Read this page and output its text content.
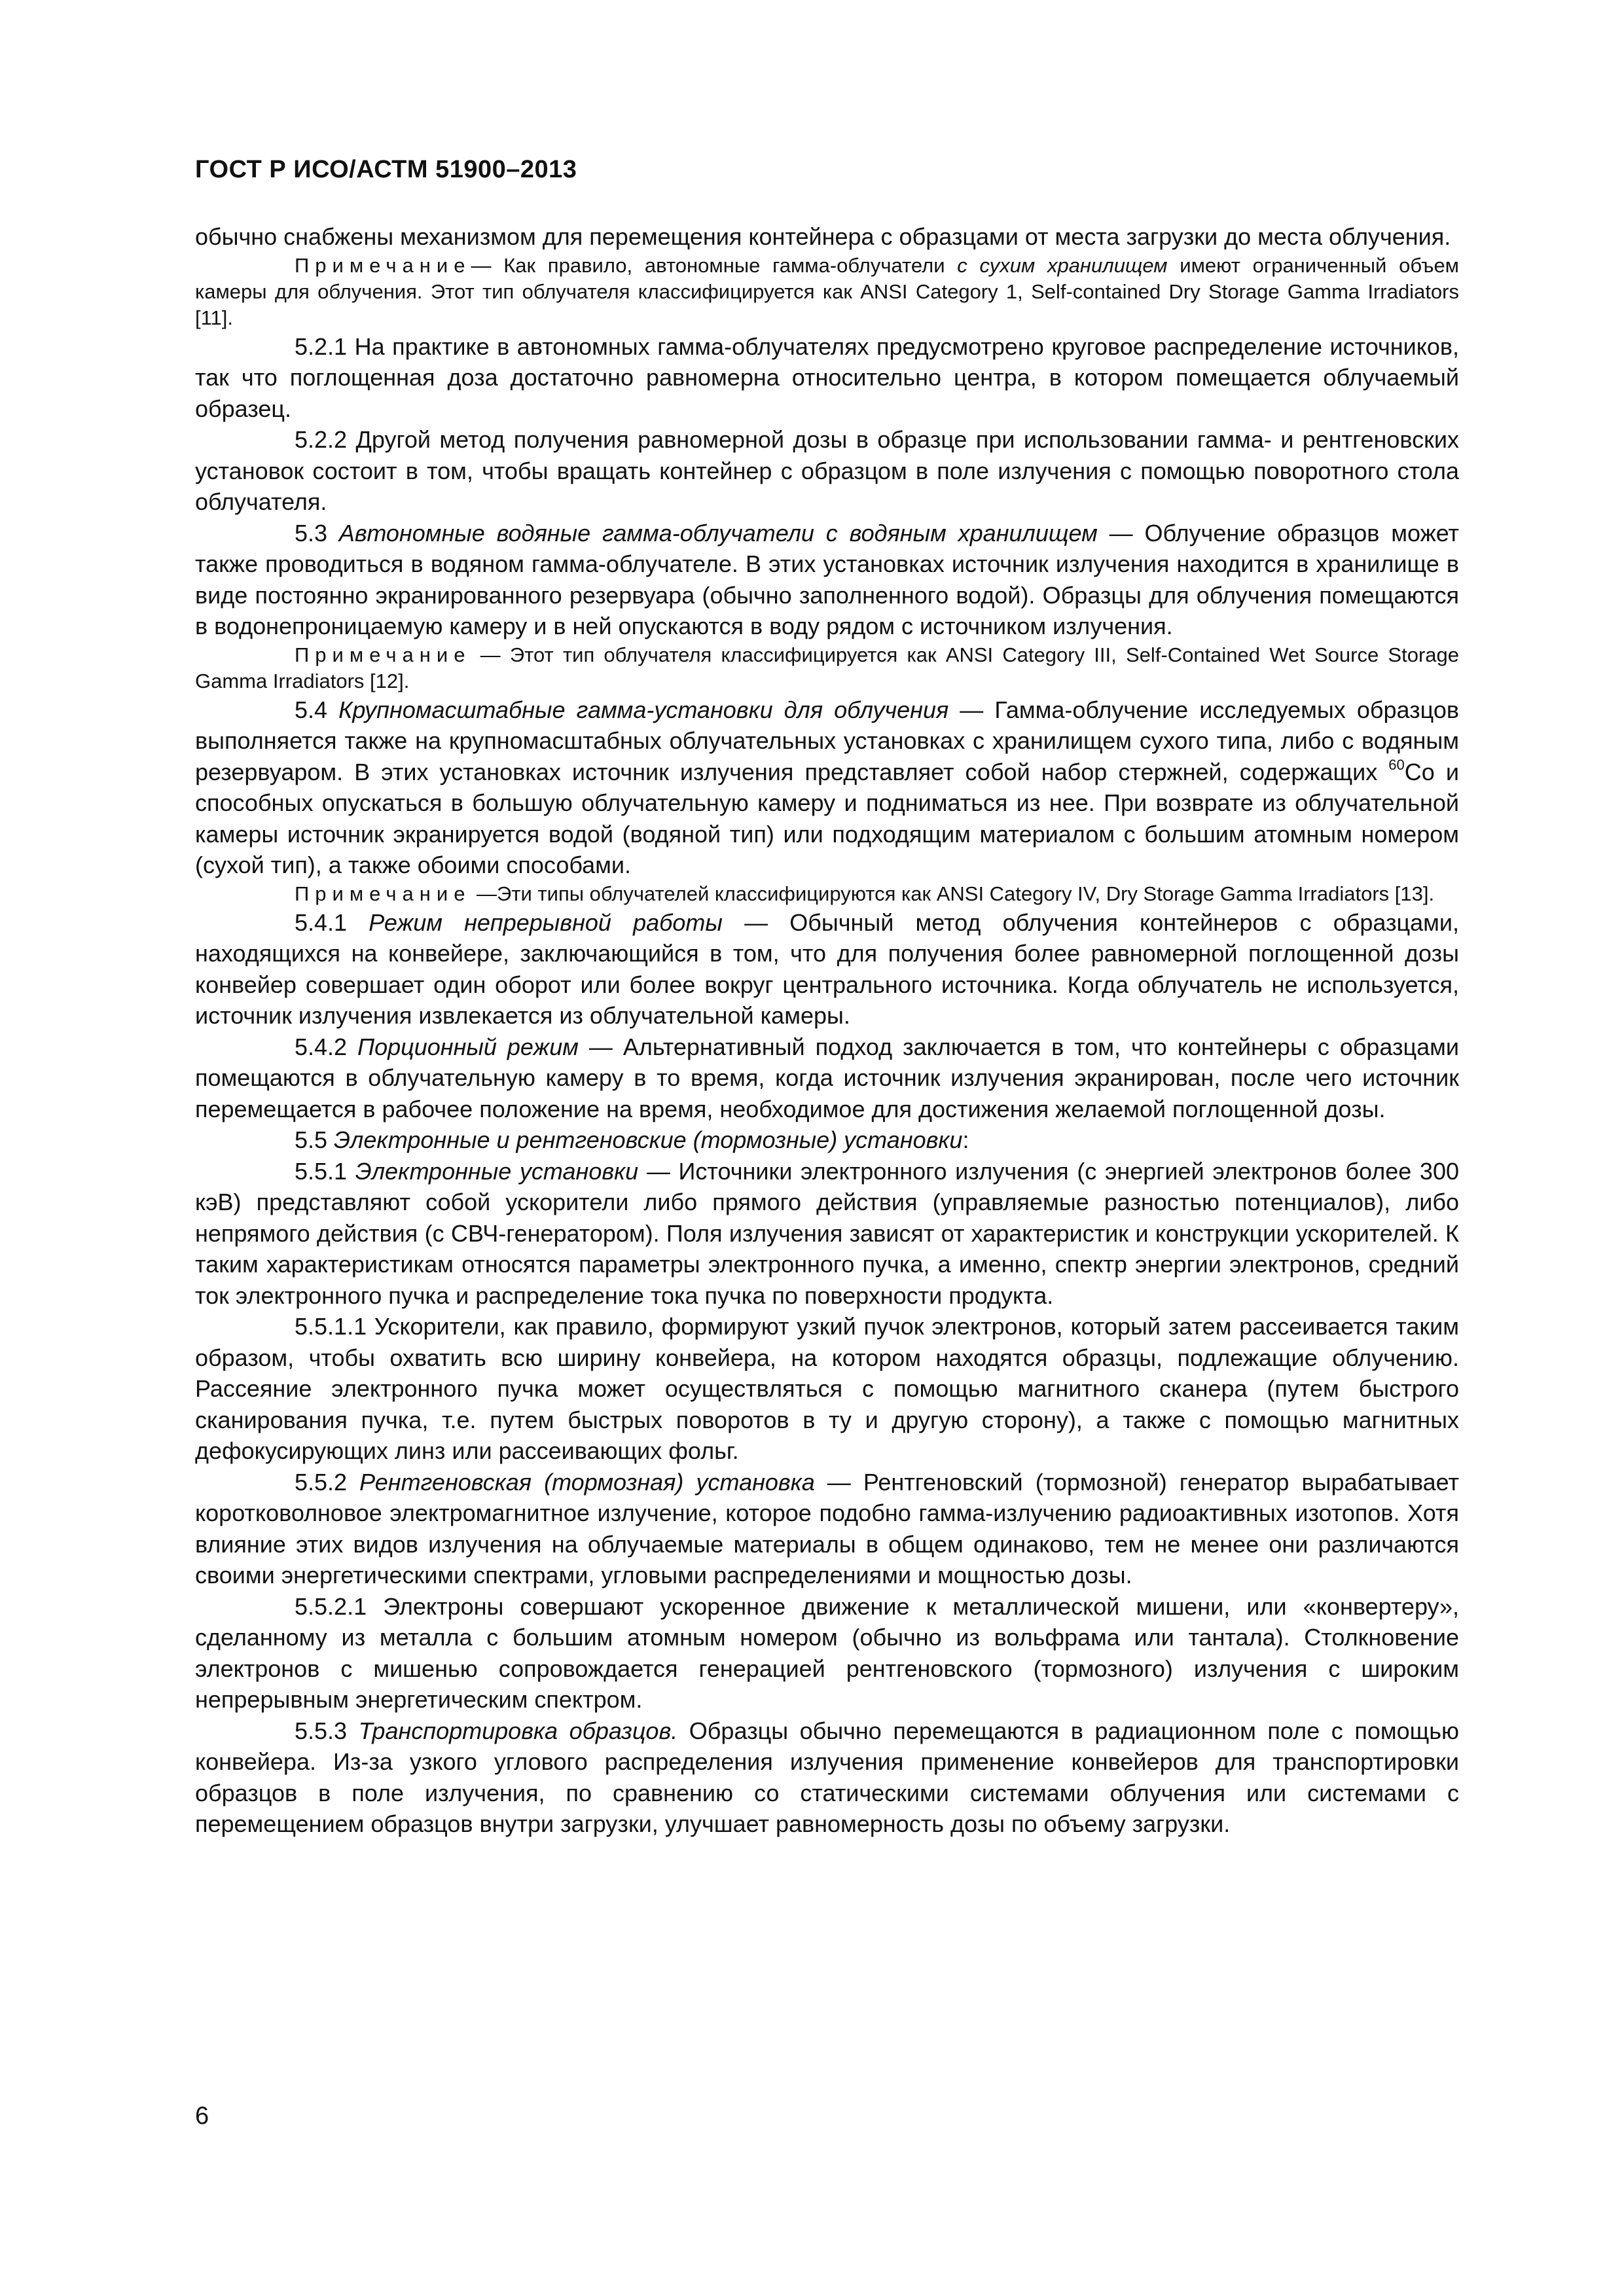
ГОСТ Р ИСО/АСТМ 51900–2013

обычно снабжены механизмом для перемещения контейнера с образцами от места загрузки до места облучения.

Примечание— Как правило, автономные гамма-облучатели с сухим хранилищем имеют ограниченный объем камеры для облучения. Этот тип облучателя классифицируется как ANSI Category 1, Self-contained Dry Storage Gamma Irradiators [11].

5.2.1 На практике в автономных гамма-облучателях предусмотрено круговое распределение источников, так что поглощенная доза достаточно равномерна относительно центра, в котором помещается облучаемый образец.

5.2.2 Другой метод получения равномерной дозы в образце при использовании гамма- и рентгеновских установок состоит в том, чтобы вращать контейнер с образцом в поле излучения с помощью поворотного стола облучателя.

5.3 Автономные водяные гамма-облучатели с водяным хранилищем — Облучение образцов может также проводиться в водяном гамма-облучателе. В этих установках источник излучения находится в хранилище в виде постоянно экранированного резервуара (обычно заполненного водой). Образцы для облучения помещаются в водонепроницаемую камеру и в ней опускаются в воду рядом с источником излучения.

Примечание — Этот тип облучателя классифицируется как ANSI Category III, Self-Contained Wet Source Storage Gamma Irradiators [12].

5.4 Крупномасштабные гамма-установки для облучения — Гамма-облучение исследуемых образцов выполняется также на крупномасштабных облучательных установках с хранилищем сухого типа, либо с водяным резервуаром. В этих установках источник излучения представляет собой набор стержней, содержащих $^{60}$Со и способных опускаться в большую облучательную камеру и подниматься из нее. При возврате из облучательной камеры источник экранируется водой (водяной тип) или подходящим материалом с большим атомным номером (сухой тип), а также обоими способами.

Примечание —Эти типы облучателей классифицируются как ANSI Category IV, Dry Storage Gamma Irradiators [13].

5.4.1 Режим непрерывной работы — Обычный метод облучения контейнеров с образцами, находящихся на конвейере, заключающийся в том, что для получения более равномерной поглощенной дозы конвейер совершает один оборот или более вокруг центрального источника. Когда облучатель не используется, источник излучения извлекается из облучательной камеры.

5.4.2 Порционный режим — Альтернативный подход заключается в том, что контейнеры с образцами помещаются в облучательную камеру в то время, когда источник излучения экранирован, после чего источник перемещается в рабочее положение на время, необходимое для достижения желаемой поглощенной дозы.

5.5 Электронные и рентгеновские (тормозные) установки:

5.5.1 Электронные установки — Источники электронного излучения (с энергией электронов более 300 кэВ) представляют собой ускорители либо прямого действия (управляемые разностью потенциалов), либо непрямого действия (с СВЧ-генератором). Поля излучения зависят от характеристик и конструкции ускорителей. К таким характеристикам относятся параметры электронного пучка, а именно, спектр энергии электронов, средний ток электронного пучка и распределение тока пучка по поверхности продукта.

5.5.1.1 Ускорители, как правило, формируют узкий пучок электронов, который затем рассеивается таким образом, чтобы охватить всю ширину конвейера, на котором находятся образцы, подлежащие облучению. Рассеяние электронного пучка может осуществляться с помощью магнитного сканера (путем быстрого сканирования пучка, т.е. путем быстрых поворотов в ту и другую сторону), а также с помощью магнитных дефокусирующих линз или рассеивающих фольг.

5.5.2 Рентгеновская (тормозная) установка — Рентгеновский (тормозной) генератор вырабатывает коротковолновое электромагнитное излучение, которое подобно гамма-излучению радиоактивных изотопов. Хотя влияние этих видов излучения на облучаемые материалы в общем одинаково, тем не менее они различаются своими энергетическими спектрами, угловыми распределениями и мощностью дозы.

5.5.2.1 Электроны совершают ускоренное движение к металлической мишени, или «конвертеру», сделанному из металла с большим атомным номером (обычно из вольфрама или тантала). Столкновение электронов с мишенью сопровождается генерацией рентгеновского (тормозного) излучения с широким непрерывным энергетическим спектром.

5.5.3 Транспортировка образцов. Образцы обычно перемещаются в радиационном поле с помощью конвейера. Из-за узкого углового распределения излучения применение конвейеров для транспортировки образцов в поле излучения, по сравнению со статическими системами облучения или системами с перемещением образцов внутри загрузки, улучшает равномерность дозы по объему загрузки.

6
